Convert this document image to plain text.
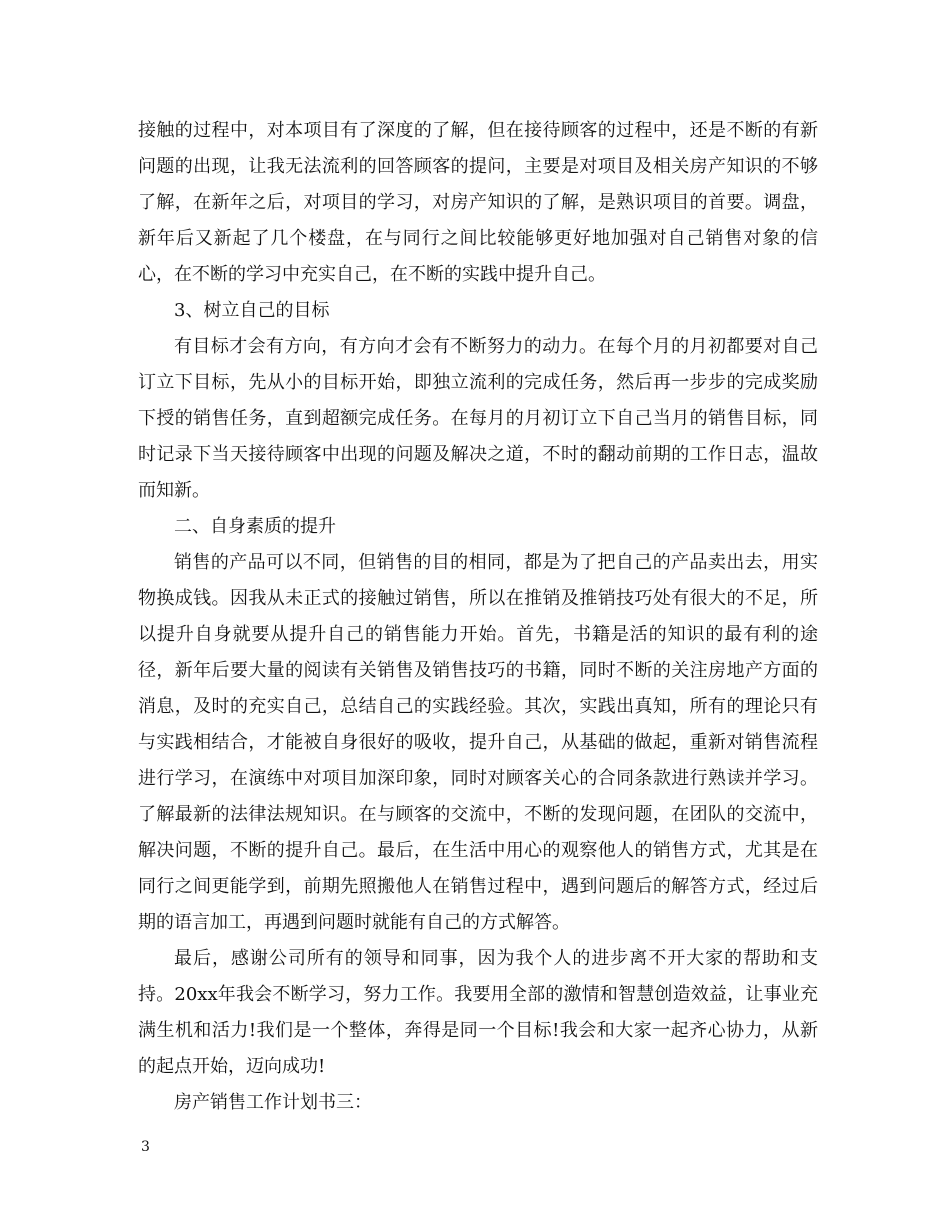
接触的过程中，对本项目有了深度的了解，但在接待顾客的过程中，还是不断的有新问题的出现，让我无法流利的回答顾客的提问，主要是对项目及相关房产知识的不够了解，在新年之后，对项目的学习，对房产知识的了解，是熟识项目的首要。调盘，新年后又新起了几个楼盘，在与同行之间比较能够更好地加强对自己销售对象的信心，在不断的学习中充实自己，在不断的实践中提升自己。

3、树立自己的目标

有目标才会有方向，有方向才会有不断努力的动力。在每个月的月初都要对自己订立下目标，先从小的目标开始，即独立流利的完成任务，然后再一步步的完成奖励下授的销售任务，直到超额完成任务。在每月的月初订立下自己当月的销售目标，同时记录下当天接待顾客中出现的问题及解决之道，不时的翻动前期的工作日志，温故而知新。

二、自身素质的提升

销售的产品可以不同，但销售的目的相同，都是为了把自己的产品卖出去，用实物换成钱。因我从未正式的接触过销售，所以在推销及推销技巧处有很大的不足，所以提升自身就要从提升自己的销售能力开始。首先，书籍是活的知识的最有利的途径，新年后要大量的阅读有关销售及销售技巧的书籍，同时不断的关注房地产方面的消息，及时的充实自己，总结自己的实践经验。其次，实践出真知，所有的理论只有与实践相结合，才能被自身很好的吸收，提升自己，从基础的做起，重新对销售流程进行学习，在演练中对项目加深印象，同时对顾客关心的合同条款进行熟读并学习。了解最新的法律法规知识。在与顾客的交流中，不断的发现问题，在团队的交流中，解决问题，不断的提升自己。最后，在生活中用心的观察他人的销售方式，尤其是在同行之间更能学到，前期先照搬他人在销售过程中，遇到问题后的解答方式，经过后期的语言加工，再遇到问题时就能有自己的方式解答。

最后，感谢公司所有的领导和同事，因为我个人的进步离不开大家的帮助和支持。20xx年我会不断学习，努力工作。我要用全部的激情和智慧创造效益，让事业充满生机和活力!我们是一个整体，奔得是同一个目标!我会和大家一起齐心协力，从新的起点开始，迈向成功!

房产销售工作计划书三：

3
